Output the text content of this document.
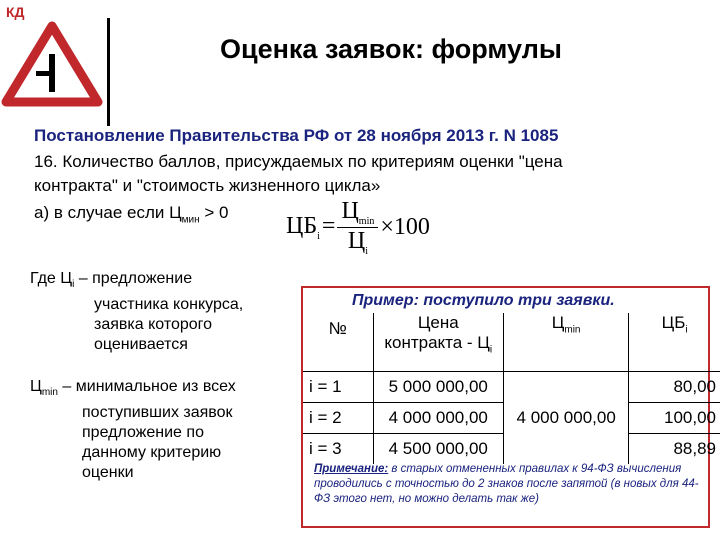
КД
Оценка заявок: формулы
Постановление Правительства РФ от 28 ноября 2013 г. N 1085
16. Количество баллов, присуждаемых по критериям оценки "цена
контракта" и "стоимость жизненного цикла»
а) в случае если $Ц_{мин} > 0$
$ЦБ_i=$	$Ц_{min}$	×100
$Ц_i$
Где $Ц_i$ – предложение
участника конкурса,
заявка которого
оценивается
$Ц_{min}$ – минимальное из всех
поступивших заявок
предложение по
данному критерию
оценки
Пример: поступило три заявки.
№	Цена
контракта - $Ц_i$	$Ц_{min}$	$ЦБ_i$
i = 1	5 000 000,00		80,00
i = 2	4 000 000,00	4 000 000,00	100,00
i = 3	4 500 000,00		88,89
Примечание: в старых отмененных правилах к 94-ФЗ вычисления проводились с точностью до 2 знаков после запятой (в новых для 44-ФЗ этого нет, но можно делать так же)
